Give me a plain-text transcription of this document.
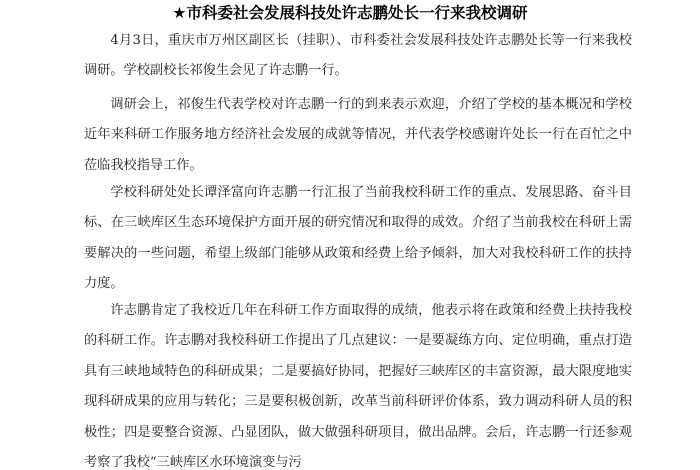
★市科委社会发展科技处许志鹏处长一行来我校调研

4月3日，重庆市万州区副区长（挂职）、市科委社会发展科技处许志鹏处长等一行来我校调研。学校副校长祁俊生会见了许志鹏一行。

调研会上，祁俊生代表学校对许志鹏一行的到来表示欢迎，介绍了学校的基本概况和学校近年来科研工作服务地方经济社会发展的成就等情况，并代表学校感谢许处长一行在百忙之中莅临我校指导工作。

学校科研处处长谭泽富向许志鹏一行汇报了当前我校科研工作的重点、发展思路、奋斗目标、在三峡库区生态环境保护方面开展的研究情况和取得的成效。介绍了当前我校在科研上需要解决的一些问题，希望上级部门能够从政策和经费上给予倾斜，加大对我校科研工作的扶持力度。

许志鹏肯定了我校近几年在科研工作方面取得的成绩，他表示将在政策和经费上扶持我校的科研工作。许志鹏对我校科研工作提出了几点建议：一是要凝练方向、定位明确，重点打造具有三峡地域特色的科研成果；二是要搞好协同，把握好三峡库区的丰富资源，最大限度地实现科研成果的应用与转化；三是要积极创新，改革当前科研评价体系，致力调动科研人员的积极性；四是要整合资源、凸显团队，做大做强科研项目，做出品牌。会后，许志鹏一行还参观考察了我校“三峡库区水环境演变与污
